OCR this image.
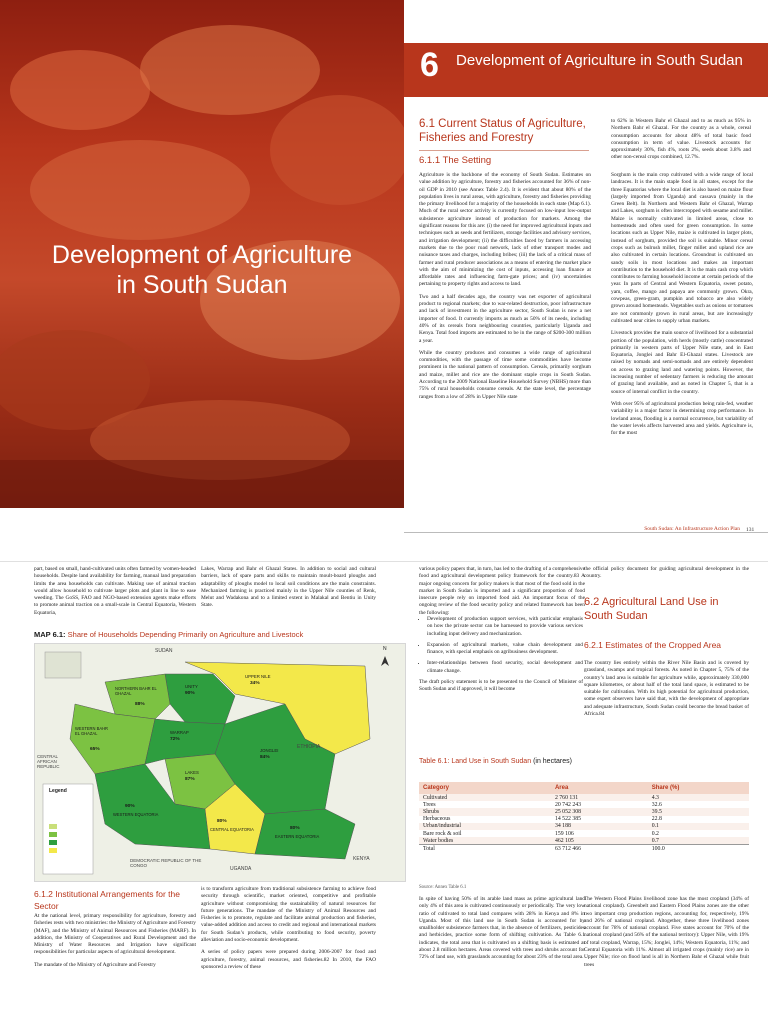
Development of Agriculture
in South Sudan
6 Development of Agriculture in South Sudan
6.1 Current Status of Agriculture, Fisheries and Forestry
6.1.1 The Setting

Agriculture is the backbone of the economy of South Sudan. Estimates on value addition by agriculture, forestry and fisheries accounted for 36% of non-oil GDP in 2010 (see Annex Table 2.4). It is evident that about 80% of the population lives in rural areas, with agriculture, forestry and fisheries providing the primary livelihood for a majority of the households in each state (Map 6.1). Much of the rural sector activity is currently focused on low-input low-output subsistence agriculture instead of production for markets. Among the significant reasons for this are: (i) the need for improved agricultural inputs and techniques such as seeds and fertilizers, storage facilities and advisory services, and irrigation development; (ii) the difficulties faced by farmers in accessing markets due to the poor road network, lack of other transport modes and nuisance taxes and charges, including bribes; (iii) the lack of a critical mass of farmer and rural producer associations as a means of entering the market place with the aim of minimizing the cost of inputs, accessing loan finance at affordable rates and influencing farm-gate prices; and (iv) uncertainties pertaining to property rights and access to land.

Two and a half decades ago, the country was net exporter of agricultural product to regional markets; due to war-related destruction, poor infrastructure and lack of investment in the agriculture sector, South Sudan is now a net importer of food. It currently imports as much as 50% of its needs, including 40% of its cereals from neighbouring countries, particularly Uganda and Kenya. Total food imports are estimated to be in the range of $200-300 million a year.

While the country produces and consumes a wide range of agricultural commodities, with the passage of time some commodities have become prominent in the national pattern of consumption. Cereals, primarily sorghum and maize, millet and rice are the dominant staple crops in South Sudan. According to the 2009 National Baseline Household Survey (NBHS) more than 75% of rural households consume cereals. At the state level, the percentage ranges from a low of 28% in Upper Nile state

to 62% in Western Bahr el Ghazal and to as much as 95% in Northern Bahr el Ghazal. For the country as a whole, cereal consumption accounts for about 48% of total basic food consumption in term of value. Livestock accounts for approximately 30%, fish 4%, roots 2%, seeds about 3.8% and other non-cereal crops combined, 12.7%.

Sorghum is the main crop cultivated with a wide range of local landraces. It is the main staple food in all states, except for the three Equatorias where the local diet is also based on maize flour (largely imported from Uganda) and cassava (mainly in the Green Belt). In Northern and Western Bahr el Ghazal, Warrap and Lakes, sorghum is often intercropped with sesame and millet. Maize is normally cultivated in limited areas, close to homesteads and often used for green consumption. In some locations such as Upper Nile, maize is cultivated in larger plots, instead of sorghum, provided the soil is suitable. Minor cereal crops such as bulrush millet, finger millet and upland rice are also cultivated in certain locations. Groundnut is cultivated on sandy soils in most locations and makes an important contribution to the household diet. It is the main cash crop which contributes to farming household income at certain periods of the year. In parts of Central and Western Equatoria, sweet potato, yam, coffee, mango and papaya are commonly grown. Okra, cowpeas, green-gram, pumpkin and tobacco are also widely grown around homesteads. Vegetables such as onions or tomatoes are not commonly grown in rural areas, but are increasingly cultivated near cities to supply urban markets.

Livestock provides the main source of livelihood for a substantial portion of the population, with herds (mostly cattle) concentrated primarily in western parts of Upper Nile state, and in East Equatoria, Jonglei and Bahr El-Ghazal states. Livestock are raised by nomads and semi-nomads and are entirely dependent on access to grazing land and watering points. However, the increasing number of sedentary farmers is reducing the amount of grazing land available, and as noted in Chapter 5, that is a source of internal conflict in the country.

With over 95% of agricultural production being rain-fed, weather variability is a major factor in determining crop performance. In lowland areas, flooding is a normal occurrence, but variability of the water levels affects harvested area and yields. Agriculture is, for the most

South Sudan: An Infrastructure Action Plan 131
part, based on small, hand-cultivated units often farmed by women-headed households. Despite land availability for farming, manual land preparation limits the area households can cultivate. Making use of animal traction would allow household to cultivate larger plots and plant in line to ease weeding. The GoSS, FAO and NGO-based extension agents make efforts to promote animal traction on a small-scale in Central Equatoria, Western Equatoria,
Lakes, Warrap and Bahr el Ghazal States. In addition to social and cultural barriers, lack of spare parts and skills to maintain moult-board ploughs and adaptability of ploughs model to local soil conditions are the main constraints. Mechanized farming is practiced mainly in the Upper Nile counties of Renk, Melut and Wadakona and to a limited extent in Malakal and Bentiu in Unity State.
MAP 6.1: Share of Households Depending Primarily on Agriculture and Livestock
SUDAN
ETHIOPIA
CENTRAL AFRICAN REPUBLIC
DEMOCRATIC REPUBLIC OF THE CONGO
UGANDA
KENYA
N
UPPER NILE
34%
UNITY
90%
NORTHERN BAHR EL GHAZAL
88%
WESTERN BAHR EL GHAZAL
65%
WARRAP
72%
LAKES
87%
JONGLEI
84%
WESTERN EQUATORIA
90%
CENTRAL EQUATORIA
80%
EASTERN EQUATORIA
80%
Legend
6.1.2 Institutional Arrangements for the Sector

At the national level, primary responsibility for agriculture, forestry and fisheries rests with two ministries: the Ministry of Agriculture and Forestry (MAF), and the Ministry of Animal Resources and Fisheries (MARF). In addition, the Ministry of Cooperatives and Rural Development and the Ministry of Water Resources and Irrigation have significant responsibilities for particular aspects of agricultural development.

The mandate of the Ministry of Agriculture and Forestry

is to transform agriculture from traditional subsistence farming to achieve food security through scientific, market oriented, competitive and profitable agriculture without compromising the sustainability of natural resources for future generations. The mandate of the Ministry of Animal Resources and Fisheries is to promote, regulate and facilitate animal production and fisheries, value-added addition and access to credit and regional and international markets for South Sudan’s products, while contributing to food security, poverty alleviation and socio-economic development.

A series of policy papers were prepared during 2006-2007 for food and agriculture, forestry, animal resources, and fisheries.82 In 2010, the FAO sponsored a review of these

various policy papers that, in turn, has led to the drafting of a comprehensive food and agricultural development policy framework for the country.83 A major ongoing concern for policy makers is that most of the food sold in the market in South Sudan is imported and a significant proportion of food insecure people rely on imported food aid. An important focus of the ongoing review of the food security policy and related framework has been the following:
• Development of production support services, with particular emphasis on how the private sector can be harnessed to provide various services including input delivery and mechanization.
• Expansion of agricultural markets, value chain development and finance, with special emphasis on agribusiness development.
• Inter-relationships between food security, social development and climate change.

The draft policy statement is to be presented to the Council of Minister of South Sudan and if approved, it will become

the official policy document for guiding agricultural development in the country.
6.2 Agricultural Land Use in South Sudan
6.2.1 Estimates of the Cropped Area
The country lies entirely within the River Nile Basin and is covered by grassland, swamps and tropical forests. As noted in Chapter 5, 75% of the country’s land area is suitable for agriculture while, approximately 330,000 square kilometres, or about half of the total land space, is estimated to be suitable for cultivation. With its high potential for agricultural production, some expert observers have said that, with the development of appropriate and adequate infrastructure, South Sudan could become the bread basket of Africa.84
Table 6.1: Land Use in South Sudan (in hectares)
Category	Area	Share (%)
Cultivated	2 760 131	4.3
Trees	20 742 243	32.6
Shrubs	25 052 308	39.5
Herbaceous	14 522 385	22.8
Urban/industrial	34 188	0.1
Bare rock & soil	159 106	0.2
Water bodies	462 105	0.7
Total	63 712 466	100.0
Source: Annex Table 6.1
In spite of having 50% of its arable land mass as prime agricultural land only 4% of this area is cultivated continuously or periodically. The very low ratio of cultivated to total land compares with 28% in Kenya and 8% in Uganda. Most of this land use in South Sudan is accounted for by smallholder subsistence farmers that, in the absence of fertilizers, pesticides and herbicides, practice some form of shifting cultivation. As Table 6.1 indicates, the total area that is cultivated on a shifting basis is estimated at about 2.8 million hectares. Areas covered with trees and shrubs account for 72% of land use, with grasslands accounting for about 23% of the total area.
The Western Flood Plains livelihood zone has the most cropland (34% of national cropland). Greenbelt and Eastern Flood Plains zones are the other two important crop production regions, accounting for, respectively, 19% and 26% of national cropland. Altogether, these three livelihood zones account for 78% of national cropland. Five states account for 70% of the national cropland (and 56% of the national territory): Upper Nile, with 19% of total cropland, Warrap, 15%; Jonglei, 14%; Western Equatoria, 11%; and Central Equatoria with 11%. Almost all irrigated crops (mainly rice) are in Upper Nile; rice on flood land is all in Northern Bahr el Ghazal while fruit trees
